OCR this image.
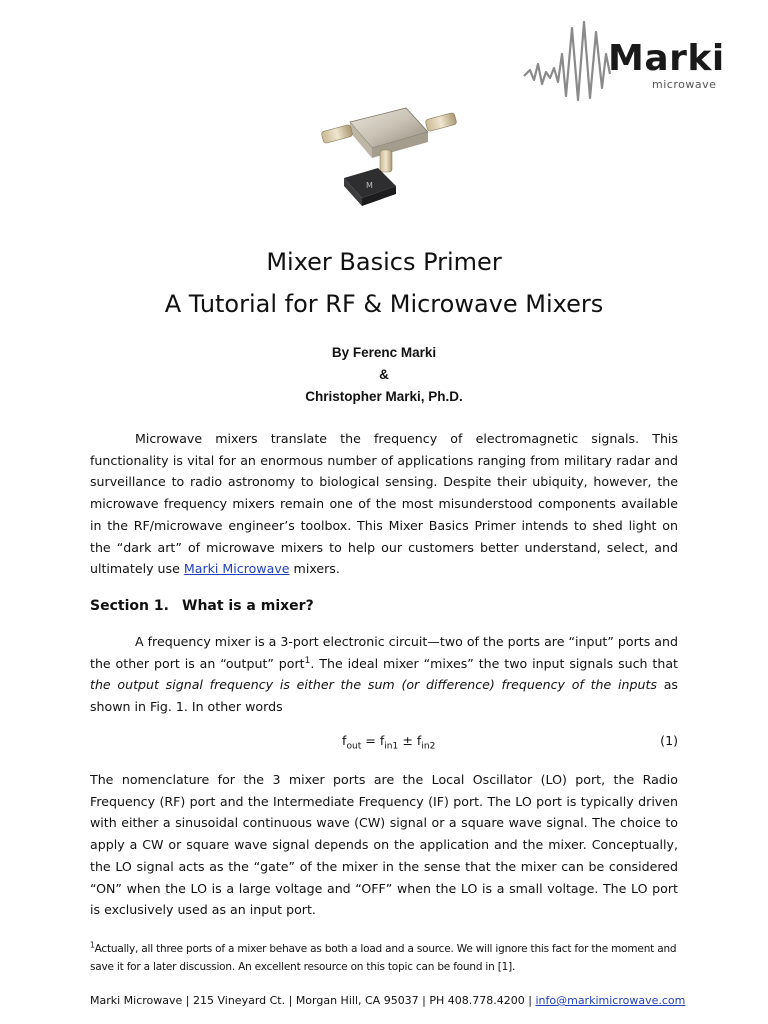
Marki
microwave
M
Mixer Basics Primer
A Tutorial for RF & Microwave Mixers
By Ferenc Marki
&
Christopher Marki, Ph.D.
Microwave mixers translate the frequency of electromagnetic signals. This functionality is vital for an enormous number of applications ranging from military radar and surveillance to radio astronomy to biological sensing. Despite their ubiquity, however, the microwave frequency mixers remain one of the most misunderstood components available in the RF/microwave engineer’s toolbox. This Mixer Basics Primer intends to shed light on the “dark art” of microwave mixers to help our customers better understand, select, and ultimately use Marki Microwave mixers.
Section 1. What is a mixer?
A frequency mixer is a 3-port electronic circuit—two of the ports are “input” ports and the other port is an “output” port$^1$. The ideal mixer “mixes” the two input signals such that the output signal frequency is either the sum (or difference) frequency of the inputs as shown in Fig. 1. In other words
$f_{out} = f_{in1} \pm f_{in2}$	(1)
The nomenclature for the 3 mixer ports are the Local Oscillator (LO) port, the Radio Frequency (RF) port and the Intermediate Frequency (IF) port. The LO port is typically driven with either a sinusoidal continuous wave (CW) signal or a square wave signal. The choice to apply a CW or square wave signal depends on the application and the mixer. Conceptually, the LO signal acts as the “gate” of the mixer in the sense that the mixer can be considered “ON” when the LO is a large voltage and “OFF” when the LO is a small voltage. The LO port is exclusively used as an input port.
$^1$Actually, all three ports of a mixer behave as both a load and a source. We will ignore this fact for the moment and save it for a later discussion. An excellent resource on this topic can be found in [1].
Marki Microwave | 215 Vineyard Ct. | Morgan Hill, CA 95037 | PH 408.778.4200 | info@markimicrowave.com
